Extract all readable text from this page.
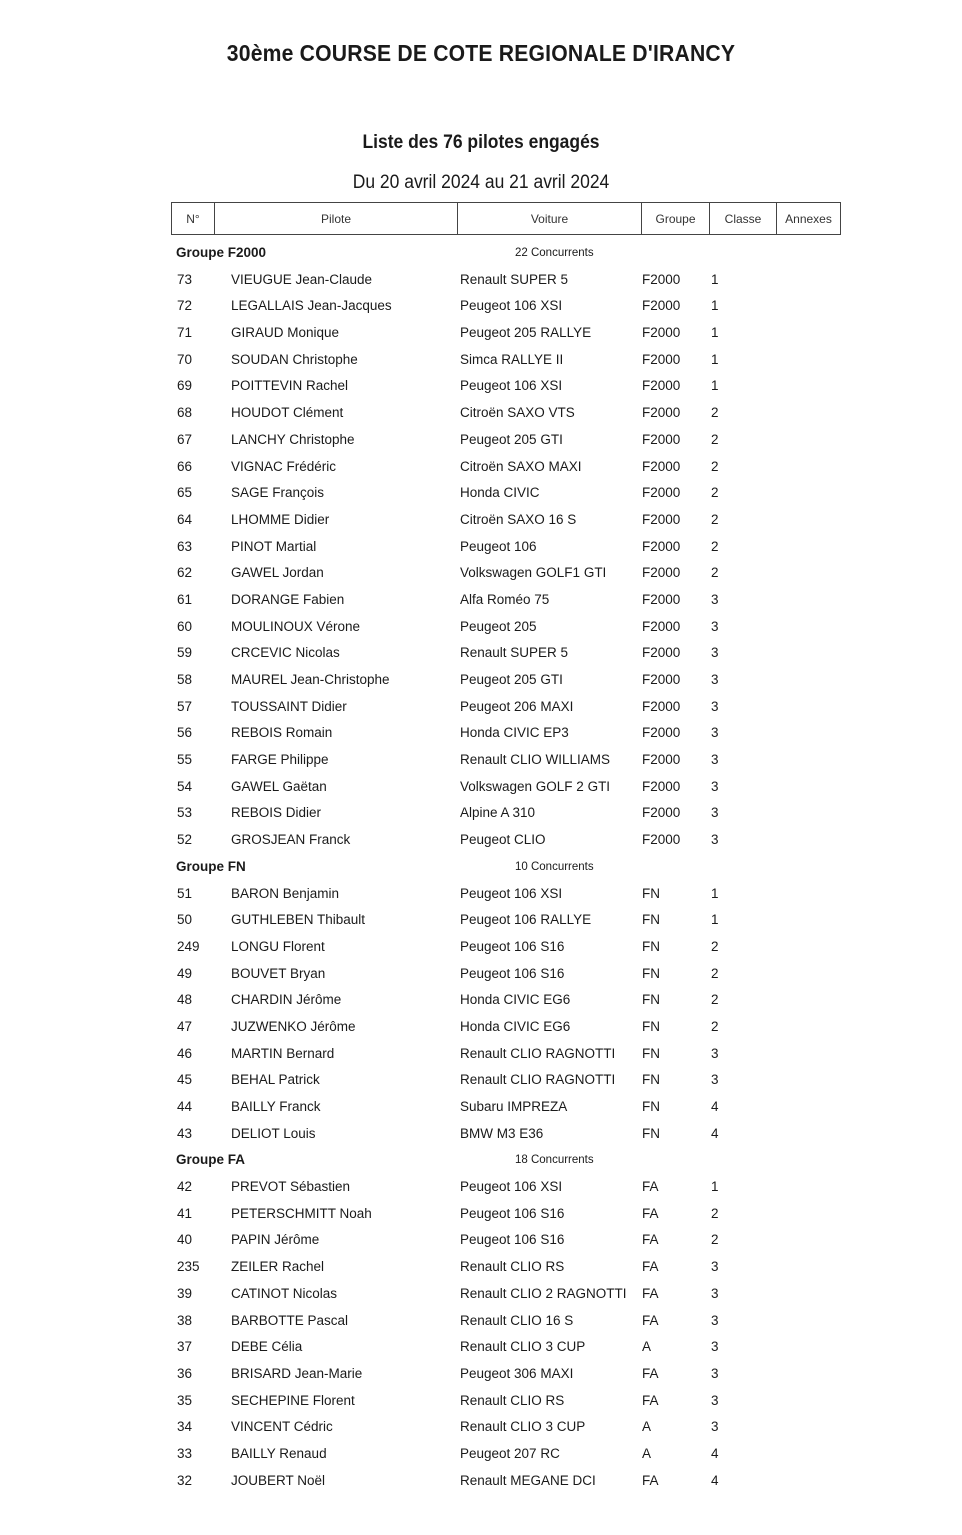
30ème COURSE DE COTE REGIONALE D'IRANCY
Liste des 76 pilotes engagés
Du 20 avril 2024 au 21 avril 2024
N°	Pilote	Voiture	Groupe	Classe	Annexes
Groupe F2000	22 Concurrents
73	VIEUGUE Jean-Claude	Renault SUPER 5	F2000 1
72	LEGALLAIS Jean-Jacques	Peugeot 106 XSI	F2000 1
71	GIRAUD Monique	Peugeot 205 RALLYE	F2000 1
70	SOUDAN Christophe	Simca RALLYE II	F2000 1
69	POITTEVIN Rachel	Peugeot 106 XSI	F2000 1
68	HOUDOT Clément	Citroën SAXO VTS	F2000 2
67	LANCHY Christophe	Peugeot 205 GTI	F2000 2
66	VIGNAC Frédéric	Citroën SAXO MAXI	F2000 2
65	SAGE François	Honda CIVIC	F2000 2
64	LHOMME Didier	Citroën SAXO 16 S	F2000 2
63	PINOT Martial	Peugeot 106	F2000 2
62	GAWEL Jordan	Volkswagen GOLF1 GTI	F2000 2
61	DORANGE Fabien	Alfa Roméo 75	F2000 3
60	MOULINOUX Vérone	Peugeot 205	F2000 3
59	CRCEVIC Nicolas	Renault SUPER 5	F2000 3
58	MAUREL Jean-Christophe	Peugeot 205 GTI	F2000 3
57	TOUSSAINT Didier	Peugeot 206 MAXI	F2000 3
56	REBOIS Romain	Honda CIVIC EP3	F2000 3
55	FARGE Philippe	Renault CLIO WILLIAMS F2000 3
54	GAWEL Gaëtan	Volkswagen GOLF 2 GTI F2000 3
53	REBOIS Didier	Alpine A 310	F2000 3
52	GROSJEAN Franck	Peugeot CLIO	F2000 3
Groupe FN	10 Concurrents
51	BARON Benjamin	Peugeot 106 XSI	FN	1
50	GUTHLEBEN Thibault	Peugeot 106 RALLYE	FN	1
249 LONGU Florent	Peugeot 106 S16	FN	2
49	BOUVET Bryan	Peugeot 106 S16	FN	2
48	CHARDIN Jérôme	Honda CIVIC EG6	FN	2
47	JUZWENKO Jérôme	Honda CIVIC EG6	FN	2
46	MARTIN Bernard	Renault CLIO RAGNOTTI FN	3
45	BEHAL Patrick	Renault CLIO RAGNOTTI FN	3
44	BAILLY Franck	Subaru IMPREZA	FN	4
43	DELIOT Louis	BMW M3 E36	FN	4
Groupe FA	18 Concurrents
42	PREVOT Sébastien	Peugeot 106 XSI	FA	1
41	PETERSCHMITT Noah	Peugeot 106 S16	FA	2
40	PAPIN Jérôme	Peugeot 106 S16	FA	2
235 ZEILER Rachel	Renault CLIO RS	FA	3
39	CATINOT Nicolas	Renault CLIO 2 RAGNOTTI FA	3
38	BARBOTTE Pascal	Renault CLIO 16 S	FA	3
37	DEBE Célia	Renault CLIO 3 CUP	A	3
36	BRISARD Jean-Marie	Peugeot 306 MAXI	FA	3
35	SECHEPINE Florent	Renault CLIO RS	FA	3
34	VINCENT Cédric	Renault CLIO 3 CUP	A	3
33	BAILLY Renaud	Peugeot 207 RC	A	4
32	JOUBERT Noël	Renault MEGANE DCI	FA	4
